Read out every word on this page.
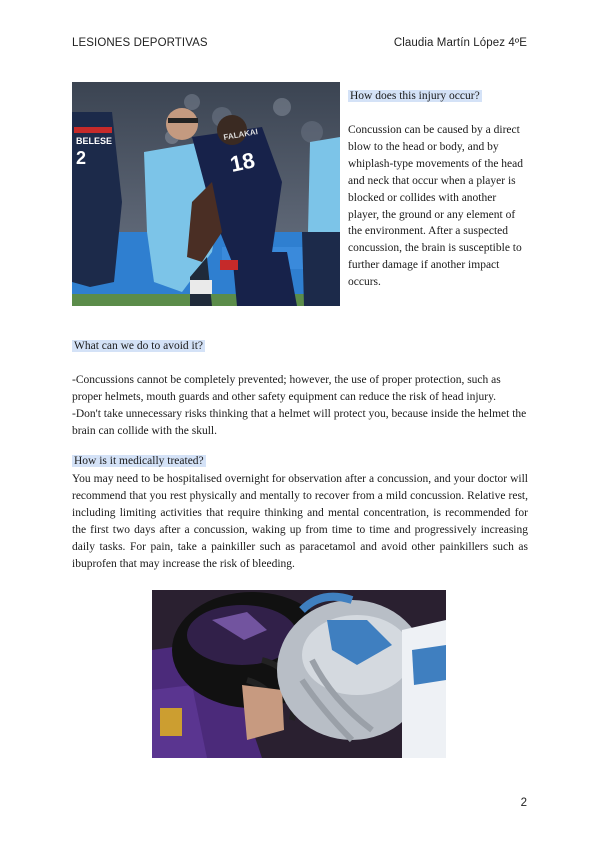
LESIONES DEPORTIVAS	Claudia Martín López 4ºE
BELESE
2
FALAKAI
18
How does this injury occur?
Concussion can be caused by a direct blow to the head or body, and by whiplash-type movements of the head and neck that occur when a player is blocked or collides with another player, the ground or any element of the environment. After a suspected concussion, the brain is susceptible to further damage if another impact occurs.
What can we do to avoid it?

-Concussions cannot be completely prevented; however, the use of proper protection, such as proper helmets, mouth guards and other safety equipment can reduce the risk of head injury.

-Don't take unnecessary risks thinking that a helmet will protect you, because inside the helmet the brain can collide with the skull.

How is it medically treated?
You may need to be hospitalised overnight for observation after a concussion, and your doctor will recommend that you rest physically and mentally to recover from a mild concussion. Relative rest, including limiting activities that require thinking and mental concentration, is recommended for the first two days after a concussion, waking up from time to time and progressively increasing daily tasks. For pain, take a painkiller such as paracetamol and avoid other painkillers such as ibuprofen that may increase the risk of bleeding.
2
